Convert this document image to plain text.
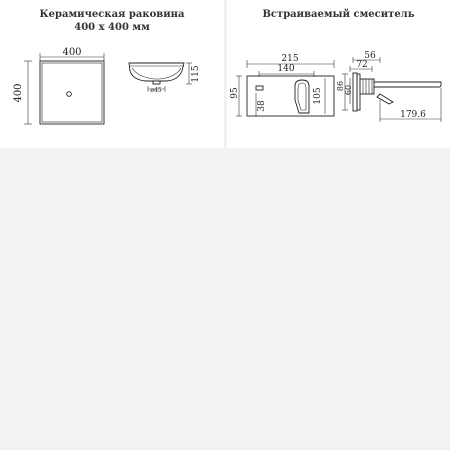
Керамическая раковина
400 x 400 мм
400
400
115
ø45
Встраиваемый смеситель
215
140
38
95	105
56
72
86 60
179.6
